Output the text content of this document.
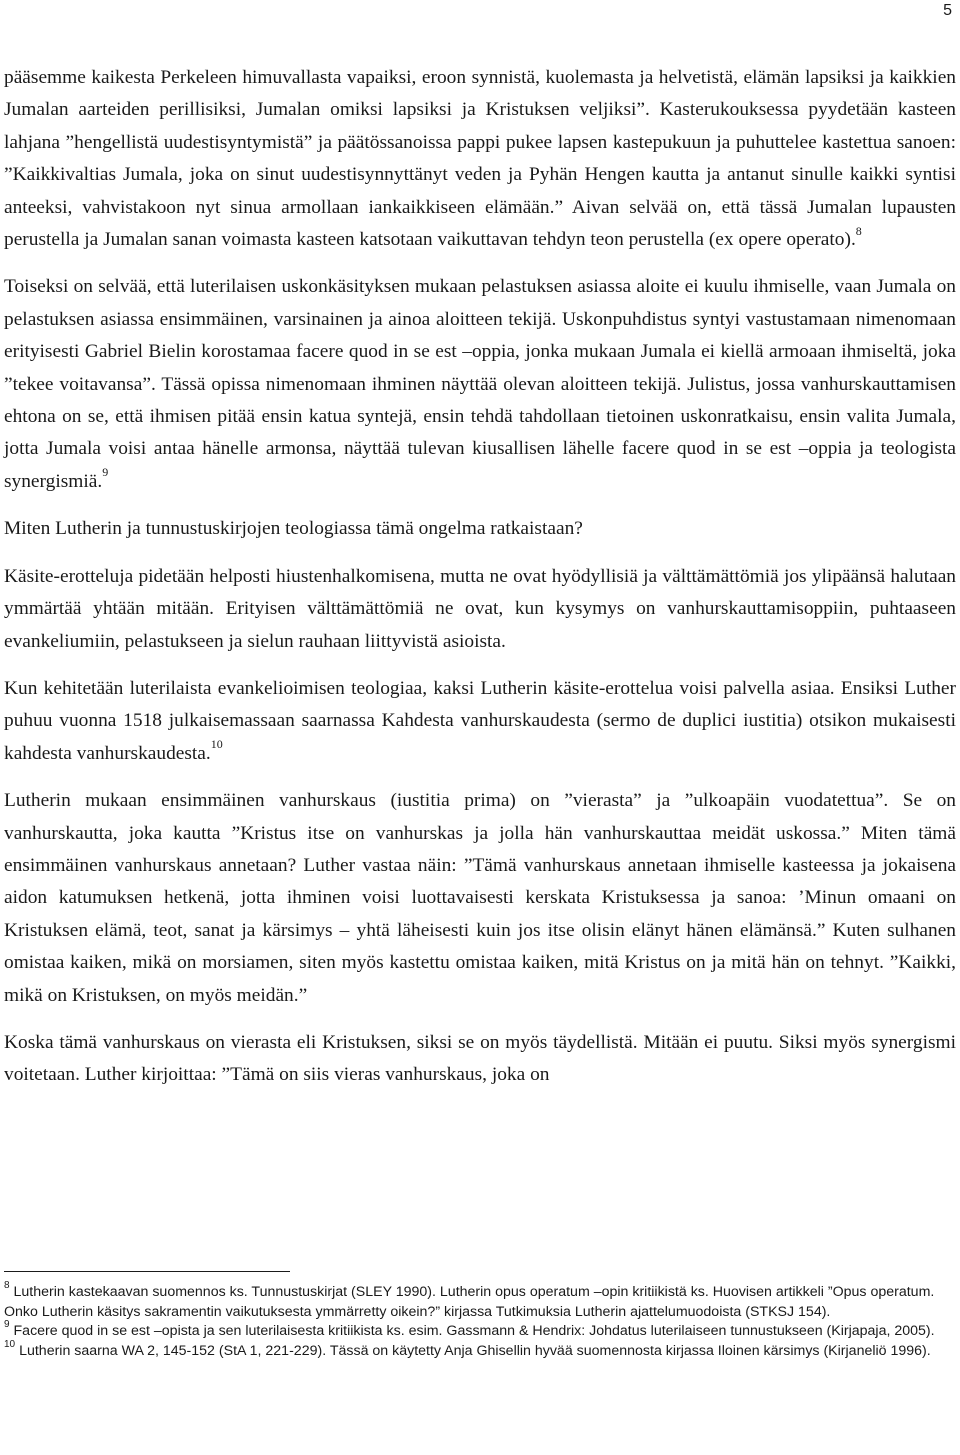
5

pääsemme kaikesta Perkeleen himuvallasta vapaiksi, eroon synnistä, kuolemasta ja helvetistä, elämän lapsiksi ja kaikkien Jumalan aarteiden perillisiksi, Jumalan omiksi lapsiksi ja Kristuksen veljiksi”. Kasterukouksessa pyydetään kasteen lahjana ”hengellistä uudestisyntymistä” ja päätössanoissa pappi pukee lapsen kastepukuun ja puhuttelee kastettua sanoen: ”Kaikkivaltias Jumala, joka on sinut uudestisynnyttänyt veden ja Pyhän Hengen kautta ja antanut sinulle kaikki syntisi anteeksi, vahvistakoon nyt sinua armollaan iankaikkiseen elämään.” Aivan selvää on, että tässä Jumalan lupausten perustella ja Jumalan sanan voimasta kasteen katsotaan vaikuttavan tehdyn teon perustella (ex opere operato).$^8$

Toiseksi on selvää, että luterilaisen uskonkäsityksen mukaan pelastuksen asiassa aloite ei kuulu ihmiselle, vaan Jumala on pelastuksen asiassa ensimmäinen, varsinainen ja ainoa aloitteen tekijä. Uskonpuhdistus syntyi vastustamaan nimenomaan erityisesti Gabriel Bielin korostamaa facere quod in se est –oppia, jonka mukaan Jumala ei kiellä armoaan ihmiseltä, joka ”tekee voitavansa”. Tässä opissa nimenomaan ihminen näyttää olevan aloitteen tekijä. Julistus, jossa vanhurskauttamisen ehtona on se, että ihmisen pitää ensin katua syntejä, ensin tehdä tahdollaan tietoinen uskonratkaisu, ensin valita Jumala, jotta Jumala voisi antaa hänelle armonsa, näyttää tulevan kiusallisen lähelle facere quod in se est –oppia ja teologista synergismiä.$^9$

Miten Lutherin ja tunnustuskirjojen teologiassa tämä ongelma ratkaistaan?

Käsite-erotteluja pidetään helposti hiustenhalkomisena, mutta ne ovat hyödyllisiä ja välttämättömiä jos ylipäänsä halutaan ymmärtää yhtään mitään. Erityisen välttämättömiä ne ovat, kun kysymys on vanhurskauttamisoppiin, puhtaaseen evankeliumiin, pelastukseen ja sielun rauhaan liittyvistä asioista.

Kun kehitetään luterilaista evankelioimisen teologiaa, kaksi Lutherin käsite-erottelua voisi palvella asiaa. Ensiksi Luther puhuu vuonna 1518 julkaisemassaan saarnassa Kahdesta vanhurskaudesta (sermo de duplici iustitia) otsikon mukaisesti kahdesta vanhurskaudesta.$^{10}$

Lutherin mukaan ensimmäinen vanhurskaus (iustitia prima) on ”vierasta” ja ”ulkoapäin vuodatettua”. Se on vanhurskautta, joka kautta ”Kristus itse on vanhurskas ja jolla hän vanhurskauttaa meidät uskossa.” Miten tämä ensimmäinen vanhurskaus annetaan? Luther vastaa näin: ”Tämä vanhurskaus annetaan ihmiselle kasteessa ja jokaisena aidon katumuksen hetkenä, jotta ihminen voisi luottavaisesti kerskata Kristuksessa ja sanoa: ’Minun omaani on Kristuksen elämä, teot, sanat ja kärsimys – yhtä läheisesti kuin jos itse olisin elänyt hänen elämänsä.” Kuten sulhanen omistaa kaiken, mikä on morsiamen, siten myös kastettu omistaa kaiken, mitä Kristus on ja mitä hän on tehnyt. ”Kaikki, mikä on Kristuksen, on myös meidän.”

Koska tämä vanhurskaus on vierasta eli Kristuksen, siksi se on myös täydellistä. Mitään ei puutu. Siksi myös synergismi voitetaan. Luther kirjoittaa: ”Tämä on siis vieras vanhurskaus, joka on

$^8$ Lutherin kastekaavan suomennos ks. Tunnustuskirjat (SLEY 1990). Lutherin opus operatum –opin kritiikistä ks. Huovisen artikkeli ”Opus operatum. Onko Lutherin käsitys sakramentin vaikutuksesta ymmärretty oikein?” kirjassa Tutkimuksia Lutherin ajattelumuodoista (STKSJ 154).

$^9$ Facere quod in se est –opista ja sen luterilaisesta kritiikista ks. esim. Gassmann & Hendrix: Johdatus luterilaiseen tunnustukseen (Kirjapaja, 2005).

$^{10}$ Lutherin saarna WA 2, 145-152 (StA 1, 221-229). Tässä on käytetty Anja Ghisellin hyvää suomennosta kirjassa Iloinen kärsimys (Kirjaneliö 1996).
